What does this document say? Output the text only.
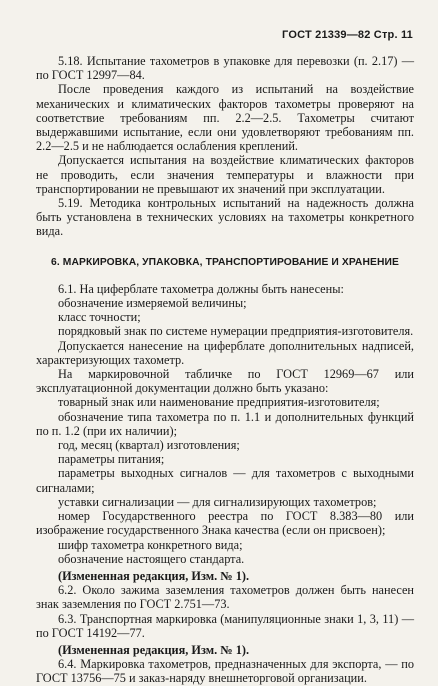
ГОСТ 21339—82 Стр. 11

5.18. Испытание тахометров в упаковке для перевозки (п. 2.17) — по ГОСТ 12997—84.

После проведения каждого из испытаний на воздействие механических и климатических факторов тахометры проверяют на соответствие требованиям пп. 2.2—2.5. Тахометры считают выдержавшими испытание, если они удовлетворяют требованиям пп. 2.2—2.5 и не наблюдается ослабления креплений.

Допускается испытания на воздействие климатических факторов не проводить, если значения температуры и влажности при транспортировании не превышают их значений при эксплуатации.

5.19. Методика контрольных испытаний на надежность должна быть установлена в технических условиях на тахометры конкретного вида.

6. МАРКИРОВКА, УПАКОВКА, ТРАНСПОРТИРОВАНИЕ И ХРАНЕНИЕ

6.1. На циферблате тахометра должны быть нанесены:

обозначение измеряемой величины;

класс точности;

порядковый знак по системе нумерации предприятия-изготовителя.

Допускается нанесение на циферблате дополнительных надписей, характеризующих тахометр.

На маркировочной табличке по ГОСТ 12969—67 или эксплуатационной документации должно быть указано:

товарный знак или наименование предприятия-изготовителя;

обозначение типа тахометра по п. 1.1 и дополнительных функций по п. 1.2 (при их наличии);

год, месяц (квартал) изготовления;

параметры питания;

параметры выходных сигналов — для тахометров с выходными сигналами;

уставки сигнализации — для сигнализирующих тахометров;

номер Государственного реестра по ГОСТ 8.383—80 или изображение государственного Знака качества (если он присвоен);

шифр тахометра конкретного вида;

обозначение настоящего стандарта.

(Измененная редакция, Изм. № 1).

6.2. Около зажима заземления тахометров должен быть нанесен знак заземления по ГОСТ 2.751—73.

6.3. Транспортная маркировка (манипуляционные знаки 1, 3, 11) — по ГОСТ 14192—77.

(Измененная редакция, Изм. № 1).

6.4. Маркировка тахометров, предназначенных для экспорта, — по ГОСТ 13756—75 и заказ-наряду внешнеторговой организации.
